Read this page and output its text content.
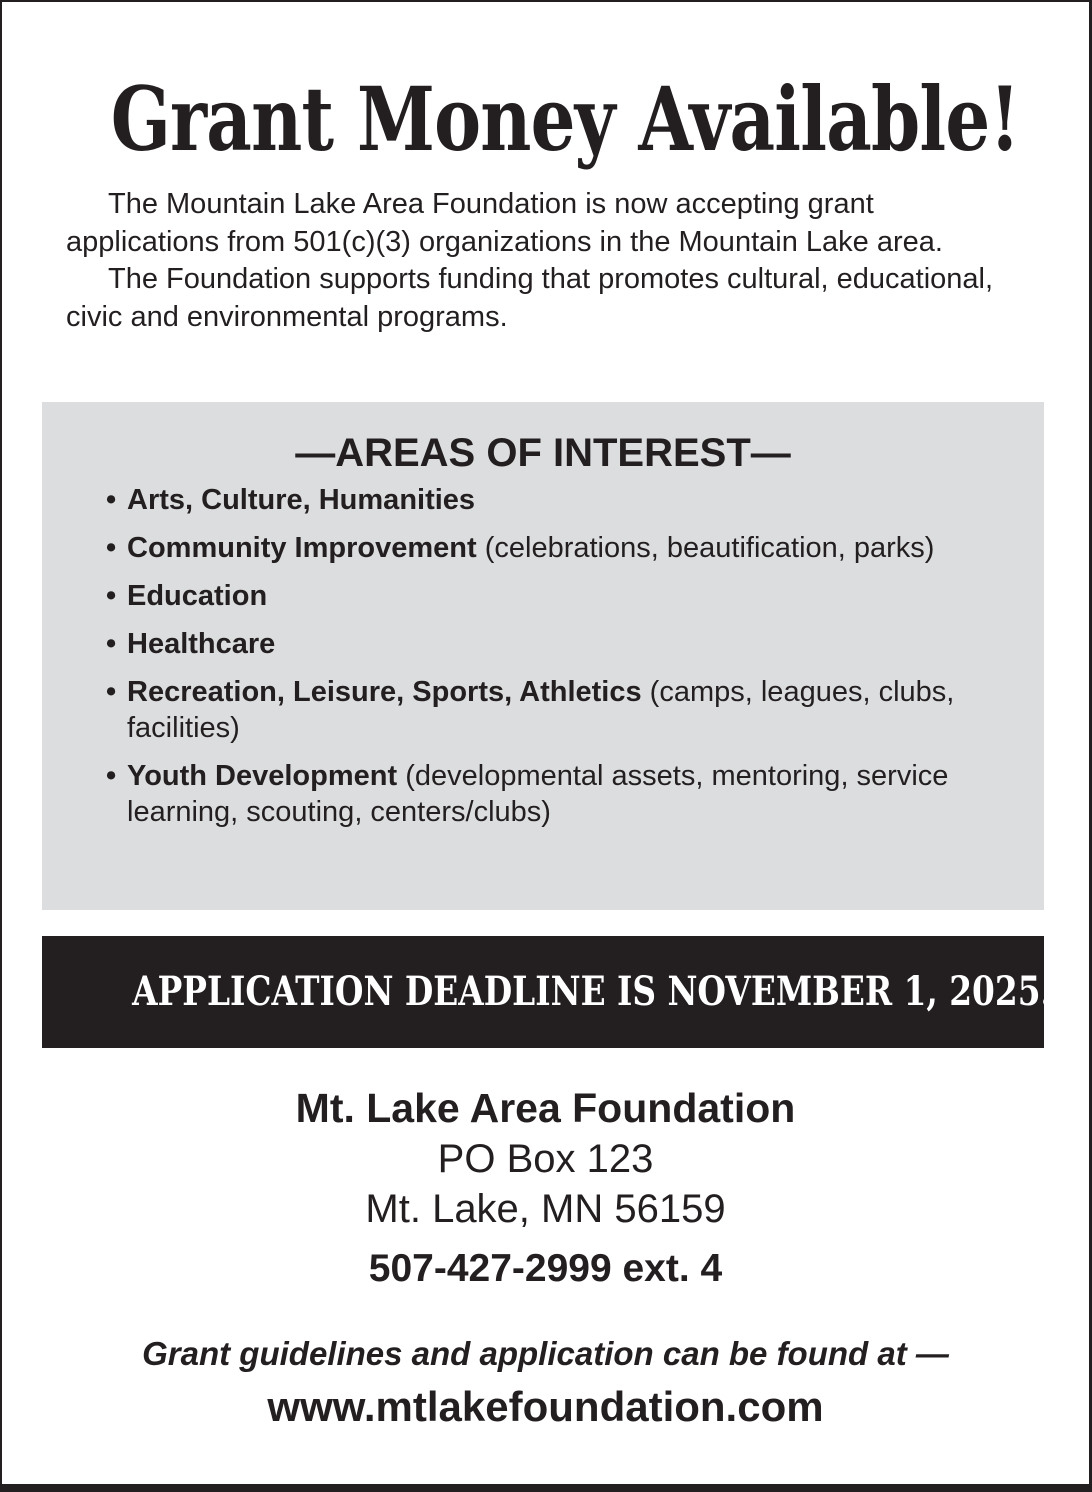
Grant Money Available!

The Mountain Lake Area Foundation is now accepting grant applications from 501(c)(3) organizations in the Mountain Lake area.

The Foundation supports funding that promotes cultural, educational, civic and environmental programs.

—AREAS OF INTEREST—
• Arts, Culture, Humanities
• Community Improvement (celebrations, beautification, parks)
• Education
• Healthcare
• Recreation, Leisure, Sports, Athletics (camps, leagues, clubs, facilities)
• Youth Development (developmental assets, mentoring, service learning, scouting, centers/clubs)
APPLICATION DEADLINE IS NOVEMBER 1, 2025.
Mt. Lake Area Foundation
PO Box 123
Mt. Lake, MN 56159
507-427-2999 ext. 4
Grant guidelines and application can be found at —
www.mtlakefoundation.com
